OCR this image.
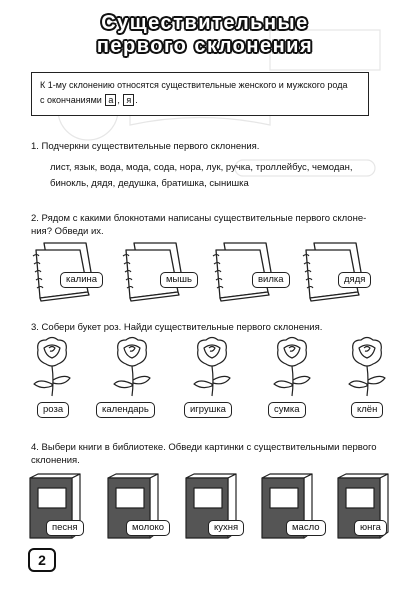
Существительные
первого склонения
К 1-му склонению относятся существительные женского и мужского рода
с окончаниями а , я .
1. Подчеркни существительные первого склонения.
лист, язык, вода, мода, сода, нора, лук, ручка, троллейбус, чемодан,
бинокль, дядя, дедушка, братишка, сынишка
2. Рядом с какими блокнотами написаны существительные первого склоне-
ния? Обведи их.
калина	мышь	вилка	дядя
3. Собери букет роз. Найди существительные первого склонения.
роза	календарь	игрушка	сумка	клён
4. Выбери книги в библиотеке. Обведи картинки с существительными первого
склонения.
песня	молоко	кухня	масло	юнга
2
